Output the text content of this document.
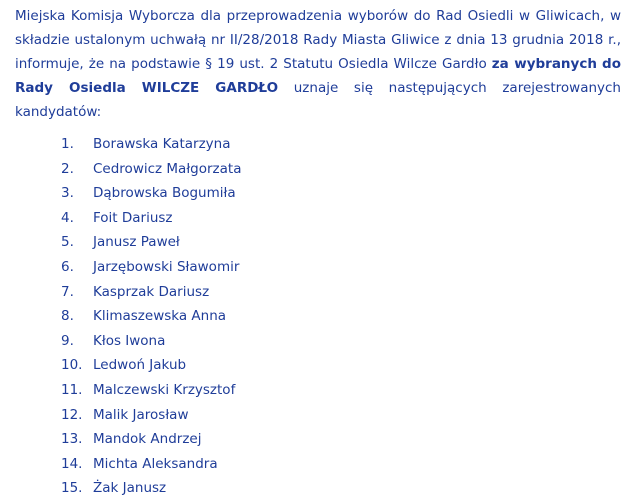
Miejska Komisja Wyborcza dla przeprowadzenia wyborów do Rad Osiedli w Gliwicach, w składzie ustalonym uchwałą nr II/28/2018 Rady Miasta Gliwice z dnia 13 grudnia 2018 r., informuje, że na podstawie § 19 ust. 2 Statutu Osiedla Wilcze Gardło za wybranych do Rady Osiedla WILCZE GARDŁO uznaje się następujących zarejestrowanych kandydatów:

1.	Borawska Katarzyna
2.	Cedrowicz Małgorzata
3.	Dąbrowska Bogumiła
4.	Foit Dariusz
5.	Janusz Paweł
6.	Jarzębowski Sławomir
7.	Kasprzak Dariusz
8.	Klimaszewska Anna
9.	Kłos Iwona
10. Ledwoń Jakub
11. Malczewski Krzysztof
12. Malik Jarosław
13. Mandok Andrzej
14. Michta Aleksandra
15. Żak Janusz
